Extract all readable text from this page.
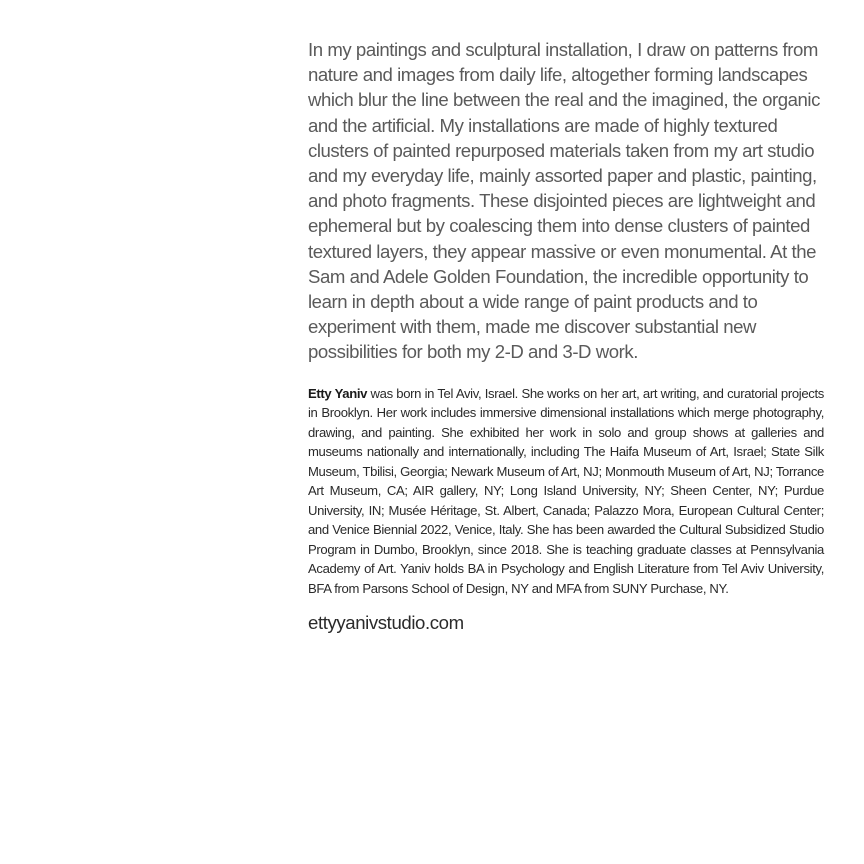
In my paintings and sculptural installation, I draw on patterns from nature and images from daily life, altogether forming landscapes which blur the line between the real and the imagined, the organic and the artificial. My installations are made of highly textured clusters of painted repurposed materials taken from my art studio and my everyday life, mainly assorted paper and plastic, painting, and photo fragments. These disjointed pieces are lightweight and ephemeral but by coalescing them into dense clusters of painted textured layers, they appear massive or even monumental. At the Sam and Adele Golden Foundation, the incredible opportunity to learn in depth about a wide range of paint products and to experiment with them, made me discover substantial new possibilities for both my 2-D and 3-D work.

Etty Yaniv was born in Tel Aviv, Israel. She works on her art, art writing, and curatorial projects in Brooklyn. Her work includes immersive dimensional installations which merge photography, drawing, and painting. She exhibited her work in solo and group shows at galleries and museums nationally and internationally, including The Haifa Museum of Art, Israel; State Silk Museum, Tbilisi, Georgia; Newark Museum of Art, NJ; Monmouth Museum of Art, NJ; Torrance Art Museum, CA; AIR gallery, NY; Long Island University, NY; Sheen Center, NY; Purdue University, IN; Musée Héritage, St. Albert, Canada; Palazzo Mora, European Cultural Center; and Venice Biennial 2022, Venice, Italy. She has been awarded the Cultural Subsidized Studio Program in Dumbo, Brooklyn, since 2018. She is teaching graduate classes at Pennsylvania Academy of Art. Yaniv holds BA in Psychology and English Literature from Tel Aviv University, BFA from Parsons School of Design, NY and MFA from SUNY Purchase, NY.

ettyyanivstudio.com
